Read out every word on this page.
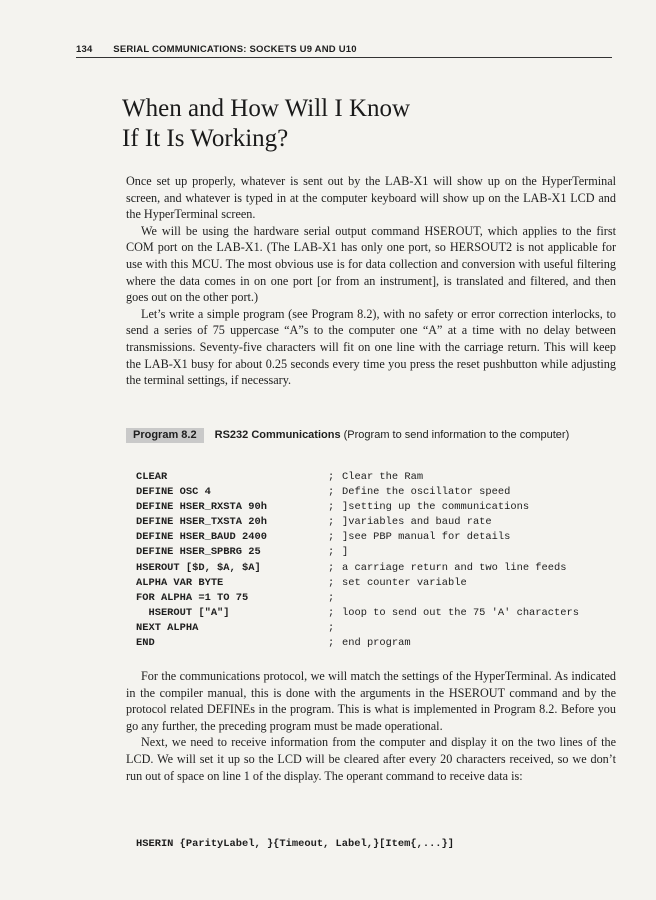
134 SERIAL COMMUNICATIONS: SOCKETS U9 AND U10
When and How Will I Know
If It Is Working?

Once set up properly, whatever is sent out by the LAB-X1 will show up on the HyperTerminal screen, and whatever is typed in at the computer keyboard will show up on the LAB-X1 LCD and the HyperTerminal screen.

We will be using the hardware serial output command HSEROUT, which applies to the first COM port on the LAB-X1. (The LAB-X1 has only one port, so HERSOUT2 is not applicable for use with this MCU. The most obvious use is for data collection and conversion with useful filtering where the data comes in on one port [or from an instrument], is translated and filtered, and then goes out on the other port.)

Let’s write a simple program (see Program 8.2), with no safety or error correction interlocks, to send a series of 75 uppercase “A”s to the computer one “A” at a time with no delay between transmissions. Seventy-five characters will fit on one line with the carriage return. This will keep the LAB-X1 busy for about 0.25 seconds every time you press the reset pushbutton while adjusting the terminal settings, if necessary.

Program 8.2 RS232 Communications (Program to send information to the computer)
CLEAR	; Clear the Ram
DEFINE OSC 4	; Define the oscillator speed
DEFINE HSER_RXSTA 90h	; ]setting up the communications
DEFINE HSER_TXSTA 20h	; ]variables and baud rate
DEFINE HSER_BAUD 2400	; ]see PBP manual for details
DEFINE HSER_SPBRG 25	; ]
HSEROUT [$D, $A, $A]	; a carriage return and two line feeds
ALPHA VAR BYTE	; set counter variable
FOR ALPHA =1 TO 75	;
HSEROUT ["A"]	; loop to send out the 75 'A' characters
NEXT ALPHA	;
END	; end program

For the communications protocol, we will match the settings of the HyperTerminal. As indicated in the compiler manual, this is done with the arguments in the HSEROUT command and by the protocol related DEFINEs in the program. This is what is implemented in Program 8.2. Before you go any further, the preceding program must be made operational.

Next, we need to receive information from the computer and display it on the two lines of the LCD. We will set it up so the LCD will be cleared after every 20 characters received, so we don’t run out of space on line 1 of the display. The operant command to receive data is:

HSERIN {ParityLabel, }{Timeout, Label,}[Item{,...}]
